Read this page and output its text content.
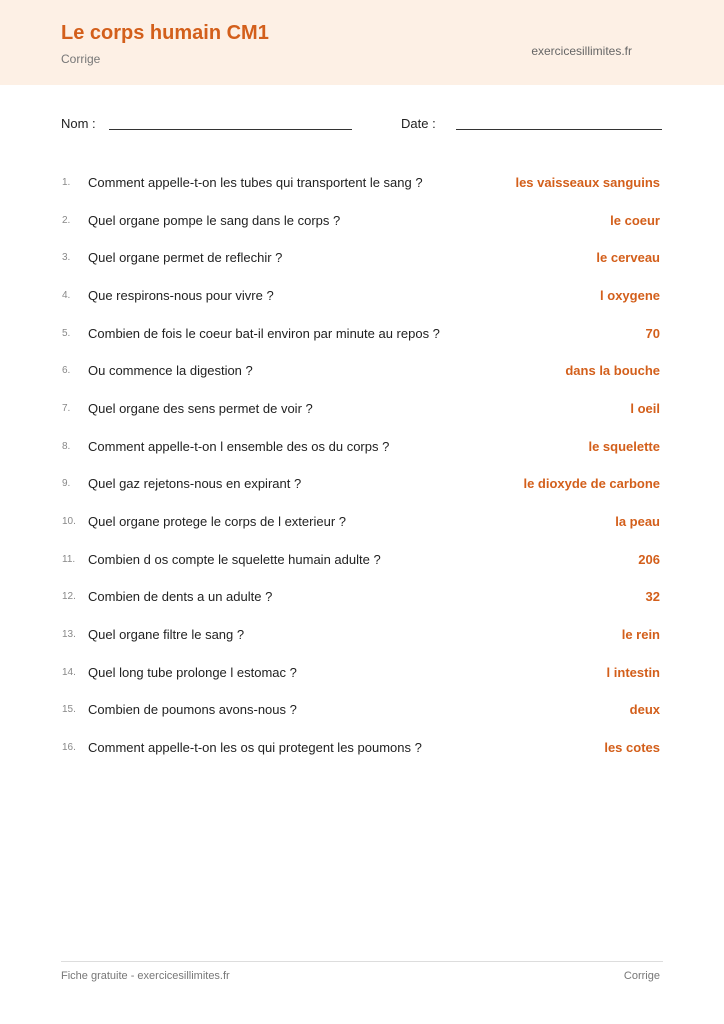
Le corps humain CM1
Corrige
exercicesillimites.fr
Nom :	Date :
1. Comment appelle-t-on les tubes qui transportent le sang ?	les vaisseaux sanguins
2. Quel organe pompe le sang dans le corps ?	le coeur
3. Quel organe permet de reflechir ?	le cerveau
4. Que respirons-nous pour vivre ?	l oxygene
5. Combien de fois le coeur bat-il environ par minute au repos ?	70
6. Ou commence la digestion ?	dans la bouche
7. Quel organe des sens permet de voir ?	l oeil
8. Comment appelle-t-on l ensemble des os du corps ?	le squelette
9. Quel gaz rejetons-nous en expirant ?	le dioxyde de carbone
10. Quel organe protege le corps de l exterieur ?	la peau
11. Combien d os compte le squelette humain adulte ?	206
12. Combien de dents a un adulte ?	32
13. Quel organe filtre le sang ?	le rein
14. Quel long tube prolonge l estomac ?	l intestin
15. Combien de poumons avons-nous ?	deux
16. Comment appelle-t-on les os qui protegent les poumons ?	les cotes
Fiche gratuite - exercicesillimites.fr	Corrige
